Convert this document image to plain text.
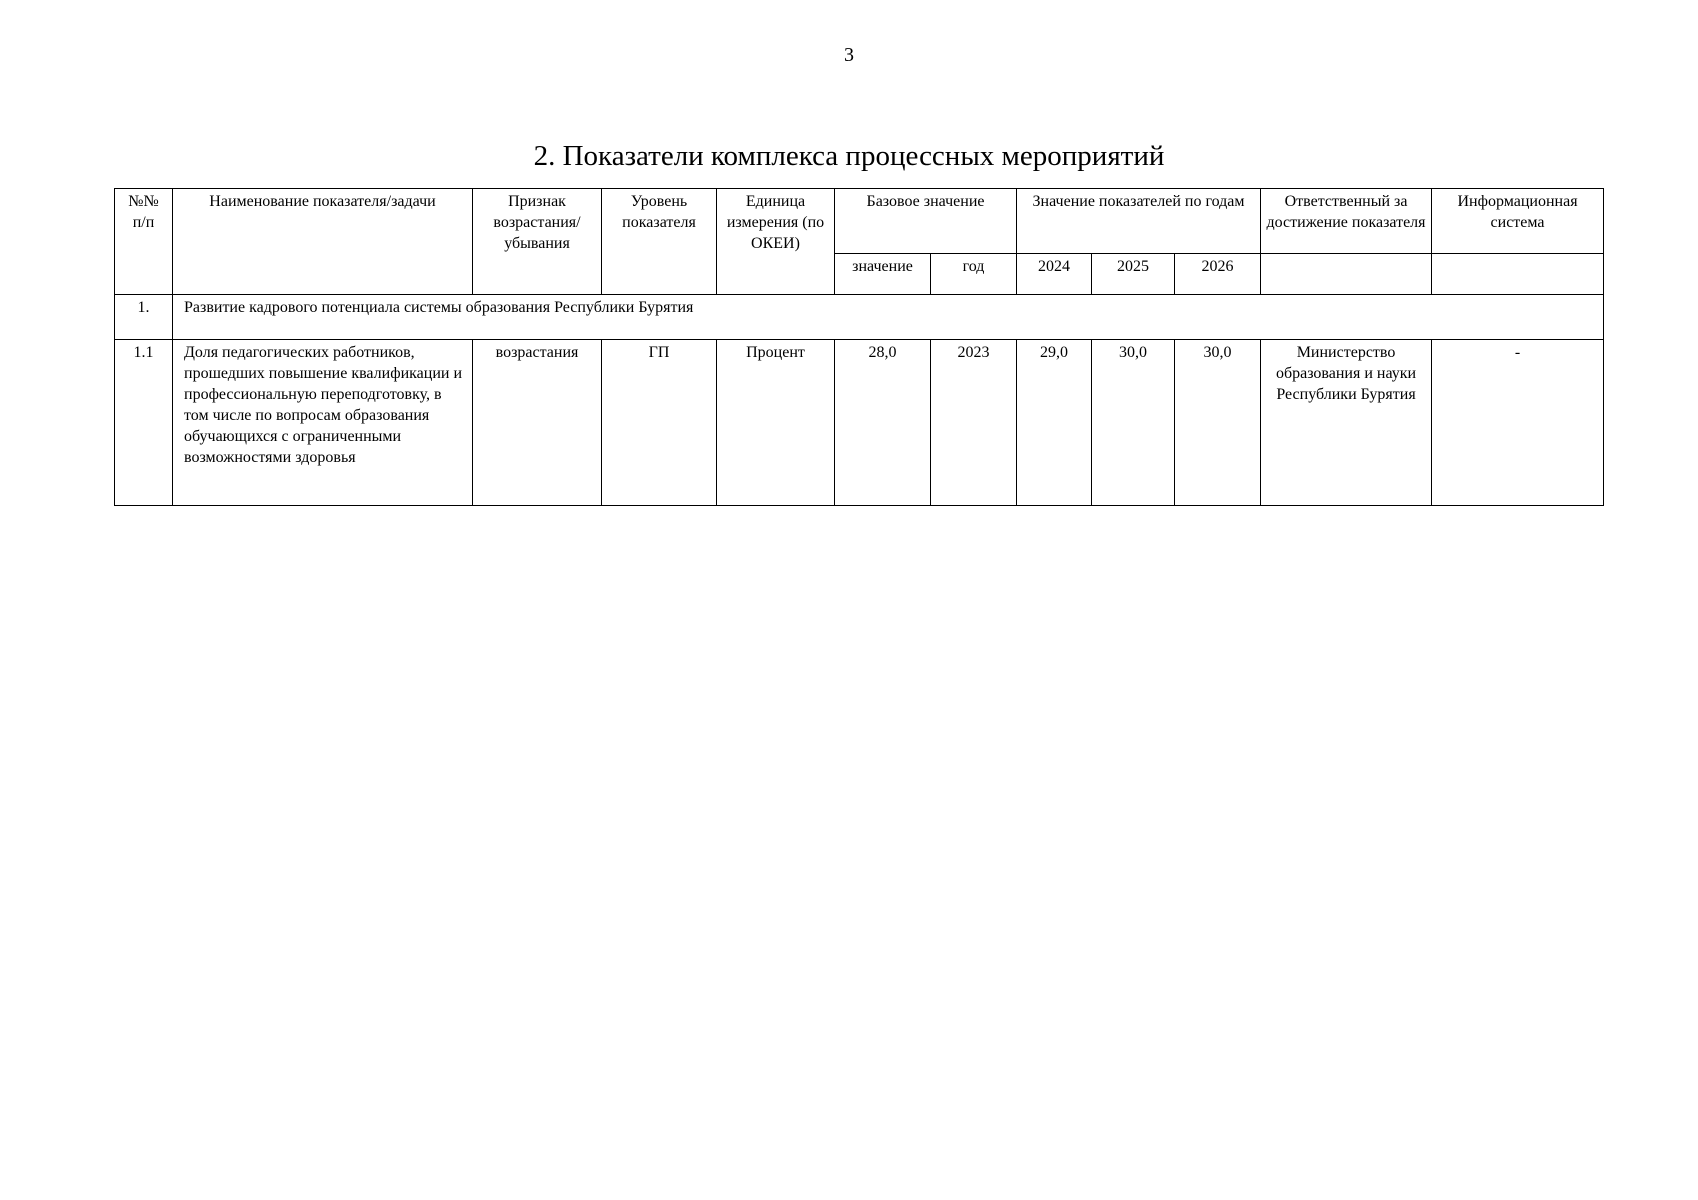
3
2. Показатели комплекса процессных мероприятий
№№ п/п	Наименование показателя/задачи	Признак возрастания/ убывания	Уровень показателя	Единица измерения (по ОКЕИ)	Базовое значение		Значение показателей по годам			Ответственный за достижение показателя	Информационная система
					значение	год	2024	2025	2026		
1.	Развитие кадрового потенциала системы образования Республики Бурятия										
1.1	Доля педагогических работников, прошедших повышение квалификации и профессиональную переподготовку, в том числе по вопросам образования обучающихся с ограниченными возможностями здоровья	возрастания	ГП	Процент	28,0	2023	29,0	30,0	30,0	Министерство образования и науки Республики Бурятия	-
